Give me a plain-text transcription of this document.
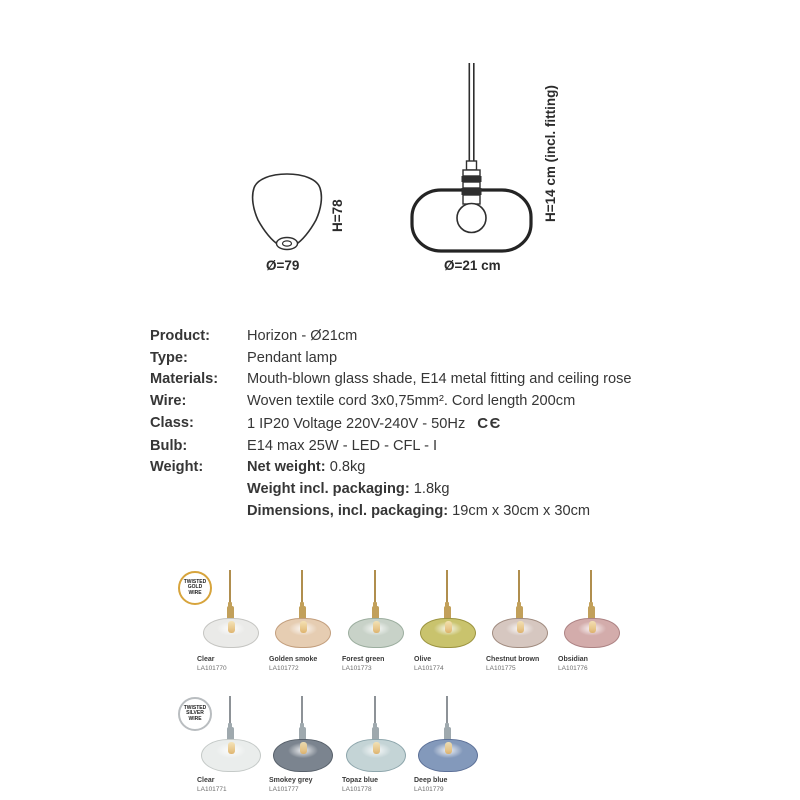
H=78
Ø=79
H=14 cm (incl. fitting)
Ø=21 cm
Product:	Horizon - Ø21cm
Type:	Pendant lamp
Materials:	Mouth-blown glass shade, E14 metal fitting and ceiling rose
Wire:	Woven textile cord 3x0,75mm². Cord length 200cm
Class:	1 IP20 Voltage 220V-240V - 50Hz CЄ
Bulb:	E14 max 25W - LED - CFL - I
Weight:	Net weight: 0.8kg
Weight incl. packaging: 1.8kg
Dimensions, incl. packaging: 19cm x 30cm x 30cm
TWISTED
GOLD
WIRE
Clear
LA101770
Golden smoke
LA101772
Forest green
LA101773
Olive
LA101774
Chestnut brown
LA101775
Obsidian
LA101776
TWISTED
SILVER
WIRE
Clear
LA101771
Smokey grey
LA101777
Topaz blue
LA101778
Deep blue
LA101779
